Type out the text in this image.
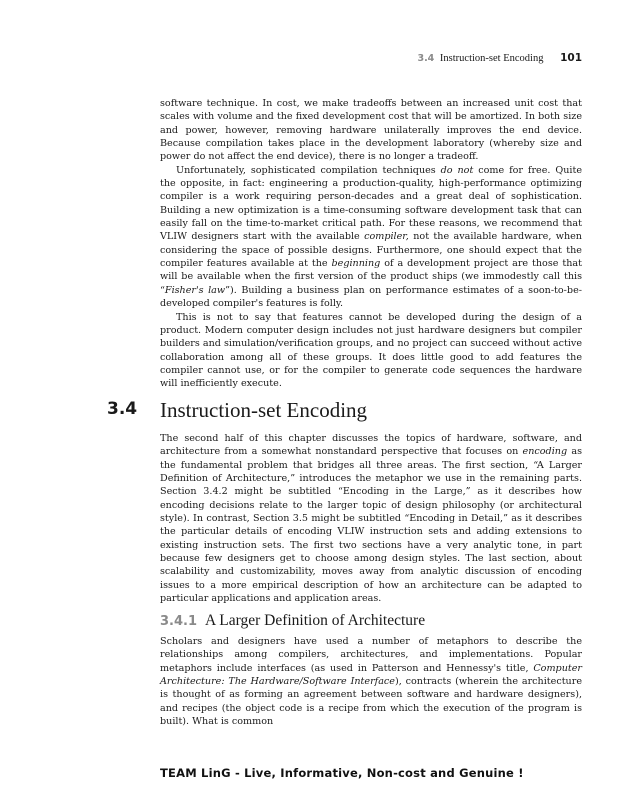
3.4 Instruction-set Encoding 101

software technique. In cost, we make tradeoffs between an increased unit cost that scales with volume and the fixed development cost that will be amortized. In both size and power, however, removing hardware unilaterally improves the end device. Because compilation takes place in the development laboratory (whereby size and power do not affect the end device), there is no longer a tradeoff.

Unfortunately, sophisticated compilation techniques do not come for free. Quite the opposite, in fact: engineering a production-quality, high-performance optimizing compiler is a work requiring person-decades and a great deal of sophistication. Building a new optimization is a time-consuming software development task that can easily fall on the time-to-market critical path. For these reasons, we recommend that VLIW designers start with the available compiler, not the available hardware, when considering the space of possible designs. Furthermore, one should expect that the compiler features available at the beginning of a development project are those that will be available when the first version of the product ships (we immodestly call this “Fisher's law”). Building a business plan on performance estimates of a soon-to-be-developed compiler's features is folly.

This is not to say that features cannot be developed during the design of a product. Modern computer design includes not just hardware designers but compiler builders and simulation/verification groups, and no project can succeed without active collaboration among all of these groups. It does little good to add features the compiler cannot use, or for the compiler to generate code sequences the hardware will inefficiently execute.

3.4 Instruction-set Encoding

The second half of this chapter discusses the topics of hardware, software, and architecture from a somewhat nonstandard perspective that focuses on encoding as the fundamental problem that bridges all three areas. The first section, “A Larger Definition of Architecture,” introduces the metaphor we use in the remaining parts. Section 3.4.2 might be subtitled “Encoding in the Large,” as it describes how encoding decisions relate to the larger topic of design philosophy (or architectural style). In contrast, Section 3.5 might be subtitled “Encoding in Detail,” as it describes the particular details of encoding VLIW instruction sets and adding extensions to existing instruction sets. The first two sections have a very analytic tone, in part because few designers get to choose among design styles. The last section, about scalability and customizability, moves away from analytic discussion of encoding issues to a more empirical description of how an architecture can be adapted to particular applications and application areas.

3.4.1 A Larger Definition of Architecture

Scholars and designers have used a number of metaphors to describe the relationships among compilers, architectures, and implementations. Popular metaphors include interfaces (as used in Patterson and Hennessy's title, Computer Architecture: The Hardware/Software Interface), contracts (wherein the architecture is thought of as forming an agreement between software and hardware designers), and recipes (the object code is a recipe from which the execution of the program is built). What is common

TEAM LinG - Live, Informative, Non-cost and Genuine !
